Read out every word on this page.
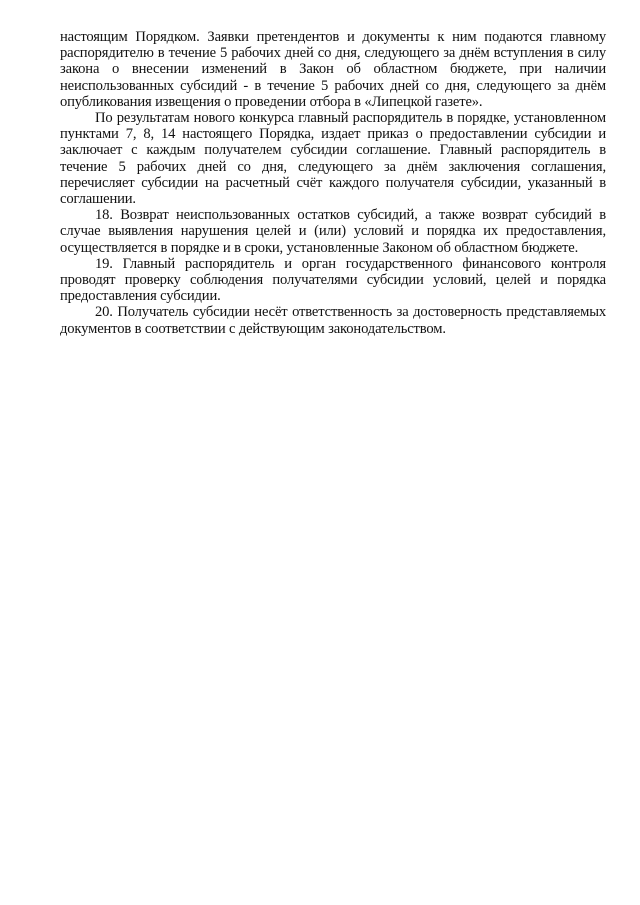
настоящим Порядком. Заявки претендентов и документы к ним подаются главному распорядителю в течение 5 рабочих дней со дня, следующего за днём вступления в силу закона о внесении изменений в Закон об областном бюджете, при наличии неиспользованных субсидий - в течение 5 рабочих дней со дня, следующего за днём опубликования извещения о проведении отбора в «Липецкой газете».

По результатам нового конкурса главный распорядитель в порядке, установленном пунктами 7, 8, 14 настоящего Порядка, издает приказ о предоставлении субсидии и заключает с каждым получателем субсидии соглашение. Главный распорядитель в течение 5 рабочих дней со дня, следующего за днём заключения соглашения, перечисляет субсидии на расчетный счёт каждого получателя субсидии, указанный в соглашении.

18. Возврат неиспользованных остатков субсидий, а также возврат субсидий в случае выявления нарушения целей и (или) условий и порядка их предоставления, осуществляется в порядке и в сроки, установленные Законом об областном бюджете.

19. Главный распорядитель и орган государственного финансового контроля проводят проверку соблюдения получателями субсидии условий, целей и порядка предоставления субсидии.

20. Получатель субсидии несёт ответственность за достоверность представляемых документов в соответствии с действующим законодательством.
